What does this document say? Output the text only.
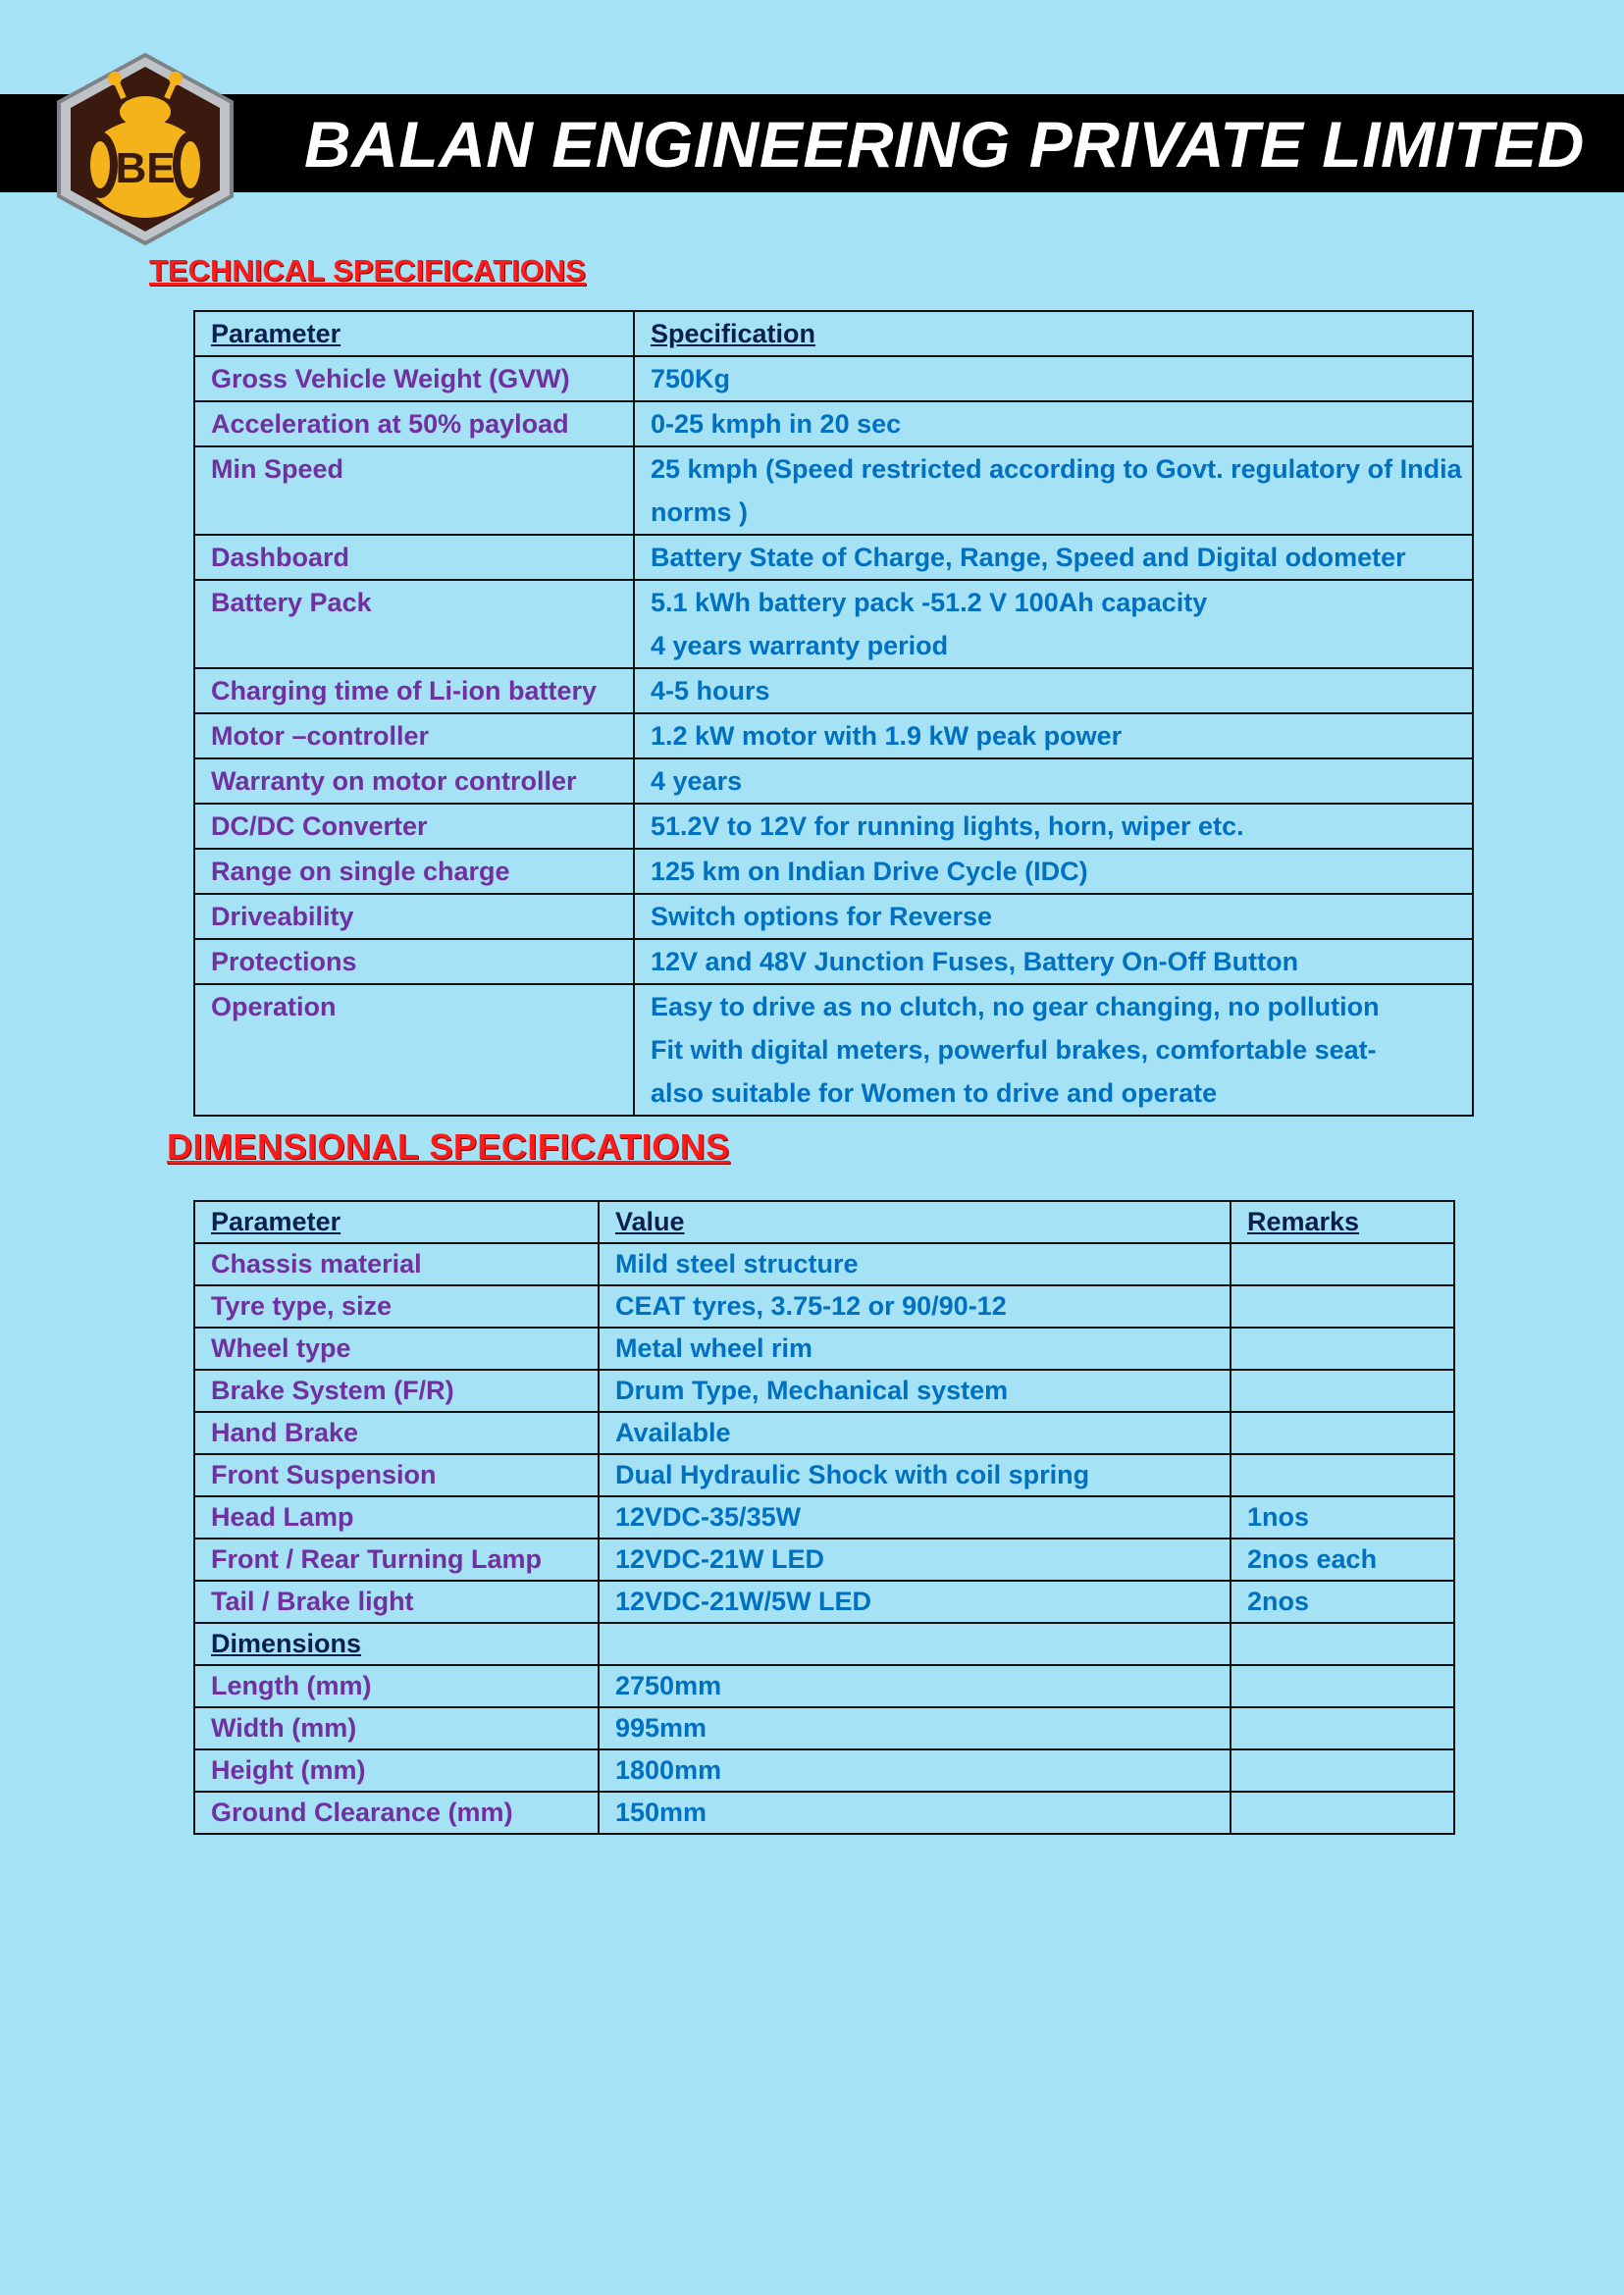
BE BALAN ENGINEERING PRIVATE LIMITED
TECHNICAL SPECIFICATIONS
Parameter	Specification
Gross Vehicle Weight (GVW)	750Kg

Acceleration at 50% payload	0-25 kmph in 20 sec

Min Speed	25 kmph (Speed restricted according to Govt. regulatory of India
norms )

Dashboard	Battery State of Charge, Range, Speed and Digital odometer

Battery Pack	5.1 kWh battery pack -51.2 V 100Ah capacity
4 years warranty period

Charging time of Li-ion battery	4-5 hours

Motor –controller	1.2 kW motor with 1.9 kW peak power

Warranty on motor controller	4 years

DC/DC Converter	51.2V to 12V for running lights, horn, wiper etc.

Range on single charge	125 km on Indian Drive Cycle (IDC)

Driveability	Switch options for Reverse

Protections	12V and 48V Junction Fuses, Battery On-Off Button

Operation	Easy to drive as no clutch, no gear changing, no pollution
Fit with digital meters, powerful brakes, comfortable seat-
also suitable for Women to drive and operate
DIMENSIONAL SPECIFICATIONS
Parameter	Value	Remarks
Chassis material	Mild steel structure	
Tyre type, size	CEAT tyres, 3.75-12 or 90/90-12	
Wheel type	Metal wheel rim	
Brake System (F/R)	Drum Type, Mechanical system	
Hand Brake	Available	
Front Suspension	Dual Hydraulic Shock with coil spring	
Head Lamp	12VDC-35/35W	1nos
Front / Rear Turning Lamp	12VDC-21W LED	2nos each
Tail / Brake light	12VDC-21W/5W LED	2nos
Dimensions		
Length (mm)	2750mm	
Width (mm)	995mm	
Height (mm)	1800mm	
Ground Clearance (mm)	150mm	
